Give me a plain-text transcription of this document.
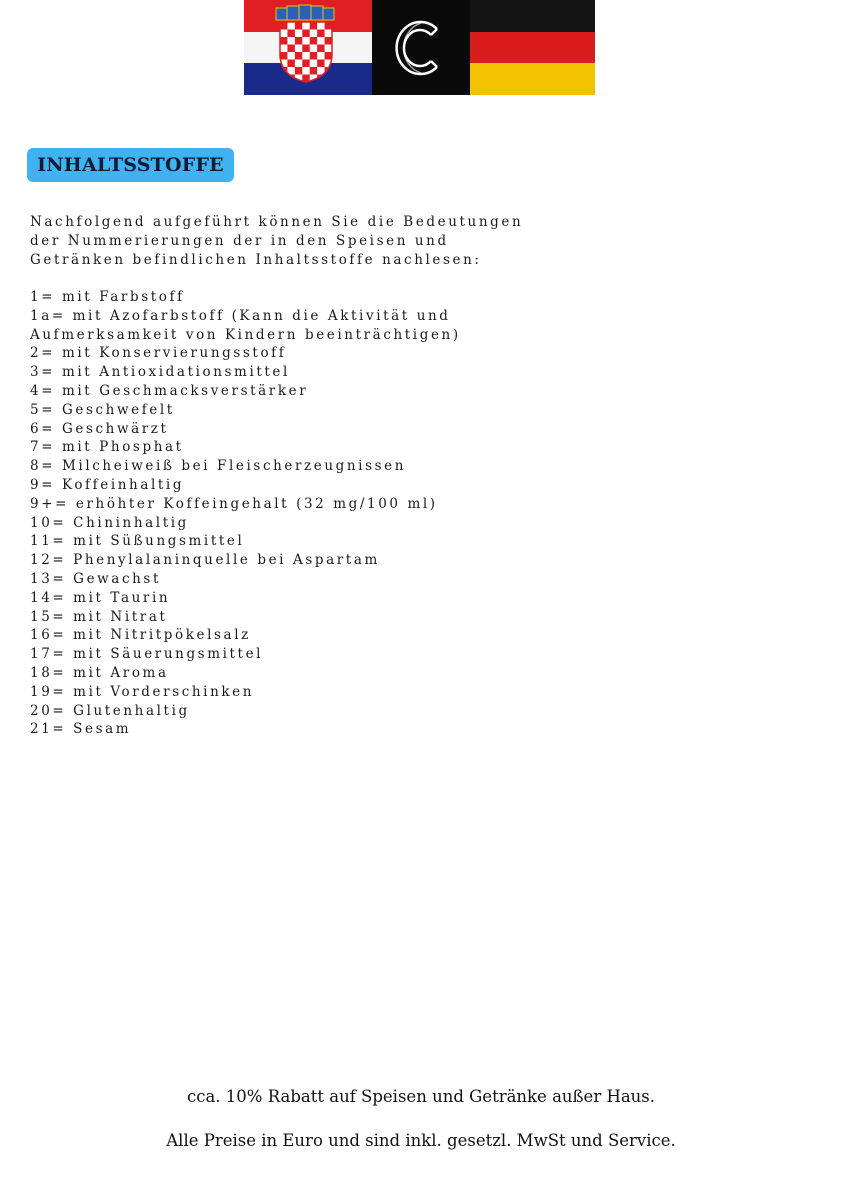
INHALTSSTOFFE
Nachfolgend aufgeführt können Sie die Bedeutungen
der Nummerierungen der in den Speisen und
Getränken befindlichen Inhaltsstoffe nachlesen:
1= mit Farbstoff
1a= mit Azofarbstoff (Kann die Aktivität und
Aufmerksamkeit von Kindern beeinträchtigen)
2= mit Konservierungsstoff
3= mit Antioxidationsmittel
4= mit Geschmacksverstärker
5= Geschwefelt
6= Geschwärzt
7= mit Phosphat
8= Milcheiweiß bei Fleischerzeugnissen
9= Koffeinhaltig
9+= erhöhter Koffeingehalt (32 mg/100 ml)
10= Chininhaltig
11= mit Süßungsmittel
12= Phenylalaninquelle bei Aspartam
13= Gewachst
14= mit Taurin
15= mit Nitrat
16= mit Nitritpökelsalz
17= mit Säuerungsmittel
18= mit Aroma
19= mit Vorderschinken
20= Glutenhaltig
21= Sesam
cca. 10% Rabatt auf Speisen und Getränke außer Haus.
Alle Preise in Euro und sind inkl. gesetzl. MwSt und Service.
